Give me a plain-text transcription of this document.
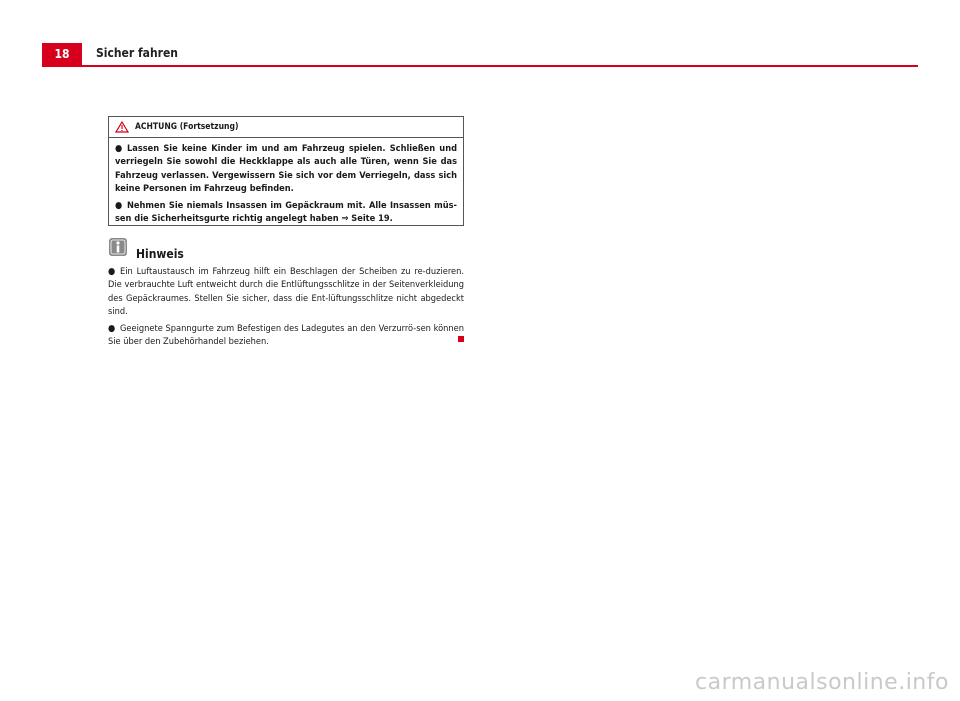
18	Sicher fahren
ACHTUNG (Fortsetzung)

● Lassen Sie keine Kinder im und am Fahrzeug spielen. Schließen und verriegeln Sie sowohl die Heckklappe als auch alle Türen, wenn Sie das Fahrzeug verlassen. Vergewissern Sie sich vor dem Verriegeln, dass sich keine Personen im Fahrzeug befinden.

● Nehmen Sie niemals Insassen im Gepäckraum mit. Alle Insassen müs-sen die Sicherheitsgurte richtig angelegt haben ⇒ Seite 19.

Hinweis

● Ein Luftaustausch im Fahrzeug hilft ein Beschlagen der Scheiben zu re-duzieren. Die verbrauchte Luft entweicht durch die Entlüftungsschlitze in der Seitenverkleidung des Gepäckraumes. Stellen Sie sicher, dass die Ent-lüftungsschlitze nicht abgedeckt sind.

● Geeignete Spanngurte zum Befestigen des Ladegutes an den Verzurrö-sen können Sie über den Zubehörhandel beziehen.

carmanualsonline.info
